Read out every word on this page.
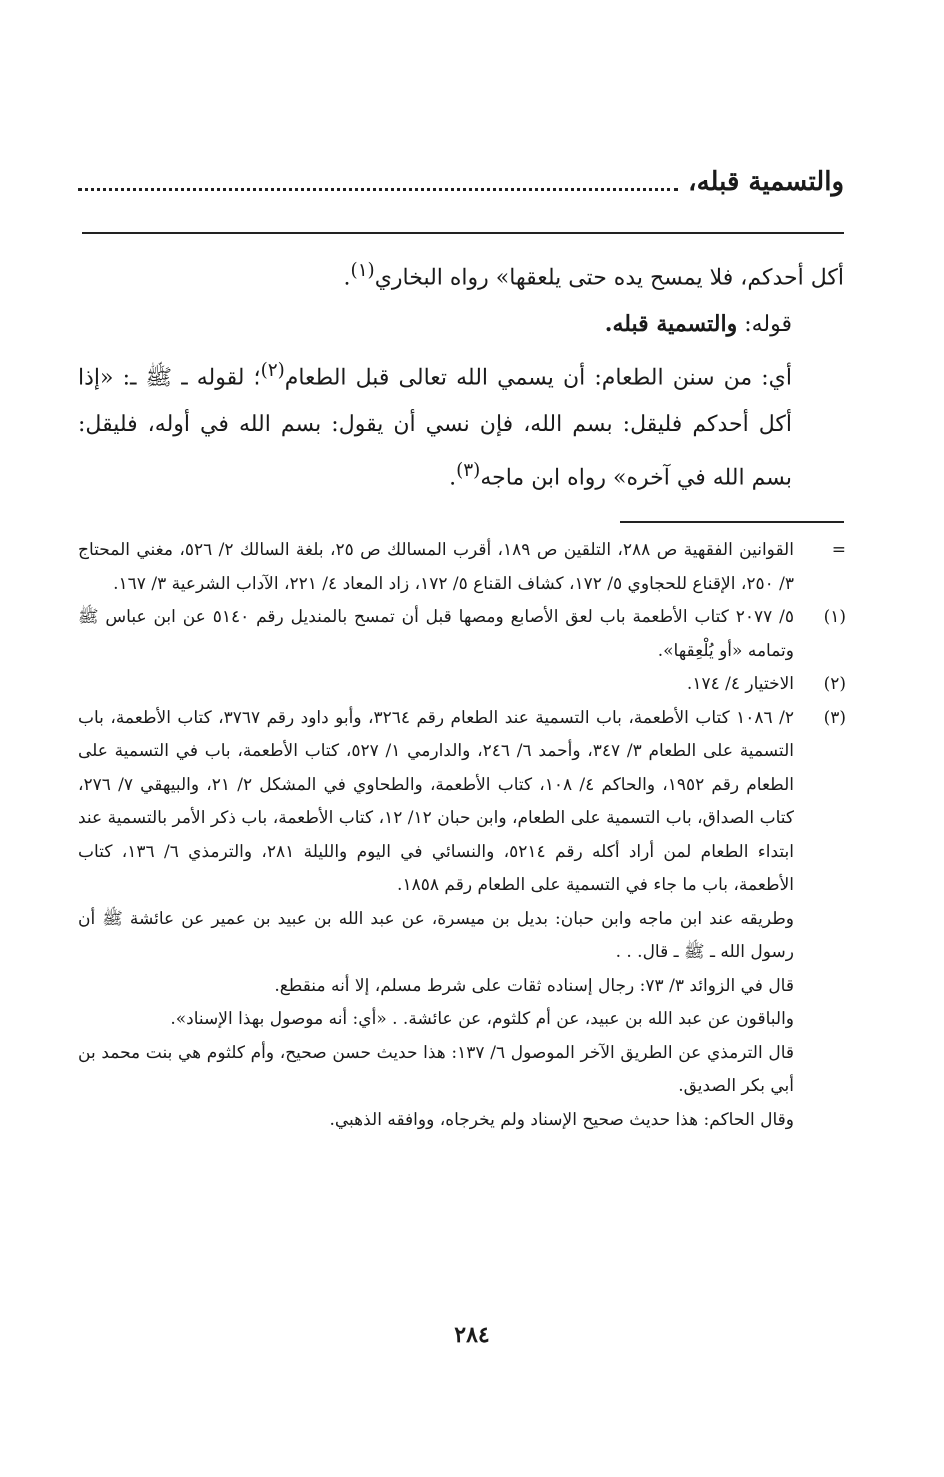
والتسمية قبله،

أكل أحدكم، فلا يمسح يده حتى يلعقها» رواه البخاري$^{(١)}$.

قوله: والتسمية قبله.

أي: من سنن الطعام: أن يسمي الله تعالى قبل الطعام$^{(٢)}$؛ لقوله ـ ﷺ ـ: «إذا أكل أحدكم فليقل: بسم الله، فإن نسي أن يقول: بسم الله في أوله، فليقل: بسم الله في آخره» رواه ابن ماجه$^{(٣)}$.

=
القوانين الفقهية ص ٢٨٨، التلقين ص ١٨٩، أقرب المسالك ص ٢٥، بلغة السالك ٢/ ٥٢٦، مغني المحتاج ٣/ ٢٥٠، الإقناع للحجاوي ٥/ ١٧٢، كشاف القناع ٥/ ١٧٢، زاد المعاد ٤/ ٢٢١، الآداب الشرعية ٣/ ١٦٧.
(١)
٥/ ٢٠٧٧ كتاب الأطعمة باب لعق الأصابع ومصها قبل أن تمسح بالمنديل رقم ٥١٤٠ عن ابن عباس ﷺ وتمامه «أو يُلْعِقها».
(٢)
الاختيار ٤/ ١٧٤.
(٣)
٢/ ١٠٨٦ كتاب الأطعمة، باب التسمية عند الطعام رقم ٣٢٦٤، وأبو داود رقم ٣٧٦٧، كتاب الأطعمة، باب التسمية على الطعام ٣/ ٣٤٧، وأحمد ٦/ ٢٤٦، والدارمي ١/ ٥٢٧، كتاب الأطعمة، باب في التسمية على الطعام رقم ١٩٥٢، والحاكم ٤/ ١٠٨، كتاب الأطعمة، والطحاوي في المشكل ٢/ ٢١، والبيهقي ٧/ ٢٧٦، كتاب الصداق، باب التسمية على الطعام، وابن حبان ١٢/ ١٢، كتاب الأطعمة، باب ذكر الأمر بالتسمية عند ابتداء الطعام لمن أراد أكله رقم ٥٢١٤، والنسائي في اليوم والليلة ٢٨١، والترمذي ٦/ ١٣٦، كتاب الأطعمة، باب ما جاء في التسمية على الطعام رقم ١٨٥٨.
وطريقه عند ابن ماجه وابن حبان: بديل بن ميسرة، عن عبد الله بن عبيد بن عمير عن عائشة ﷺ أن رسول الله ـ ﷺ ـ قال. . .
قال في الزوائد ٣/ ٧٣: رجال إسناده ثقات على شرط مسلم، إلا أنه منقطع.
والباقون عن عبد الله بن عبيد، عن أم كلثوم، عن عائشة. . «أي: أنه موصول بهذا الإسناد».
قال الترمذي عن الطريق الآخر الموصول ٦/ ١٣٧: هذا حديث حسن صحيح، وأم كلثوم هي بنت محمد بن أبي بكر الصديق.
وقال الحاكم: هذا حديث صحيح الإسناد ولم يخرجاه، ووافقه الذهبي.
٢٨٤
